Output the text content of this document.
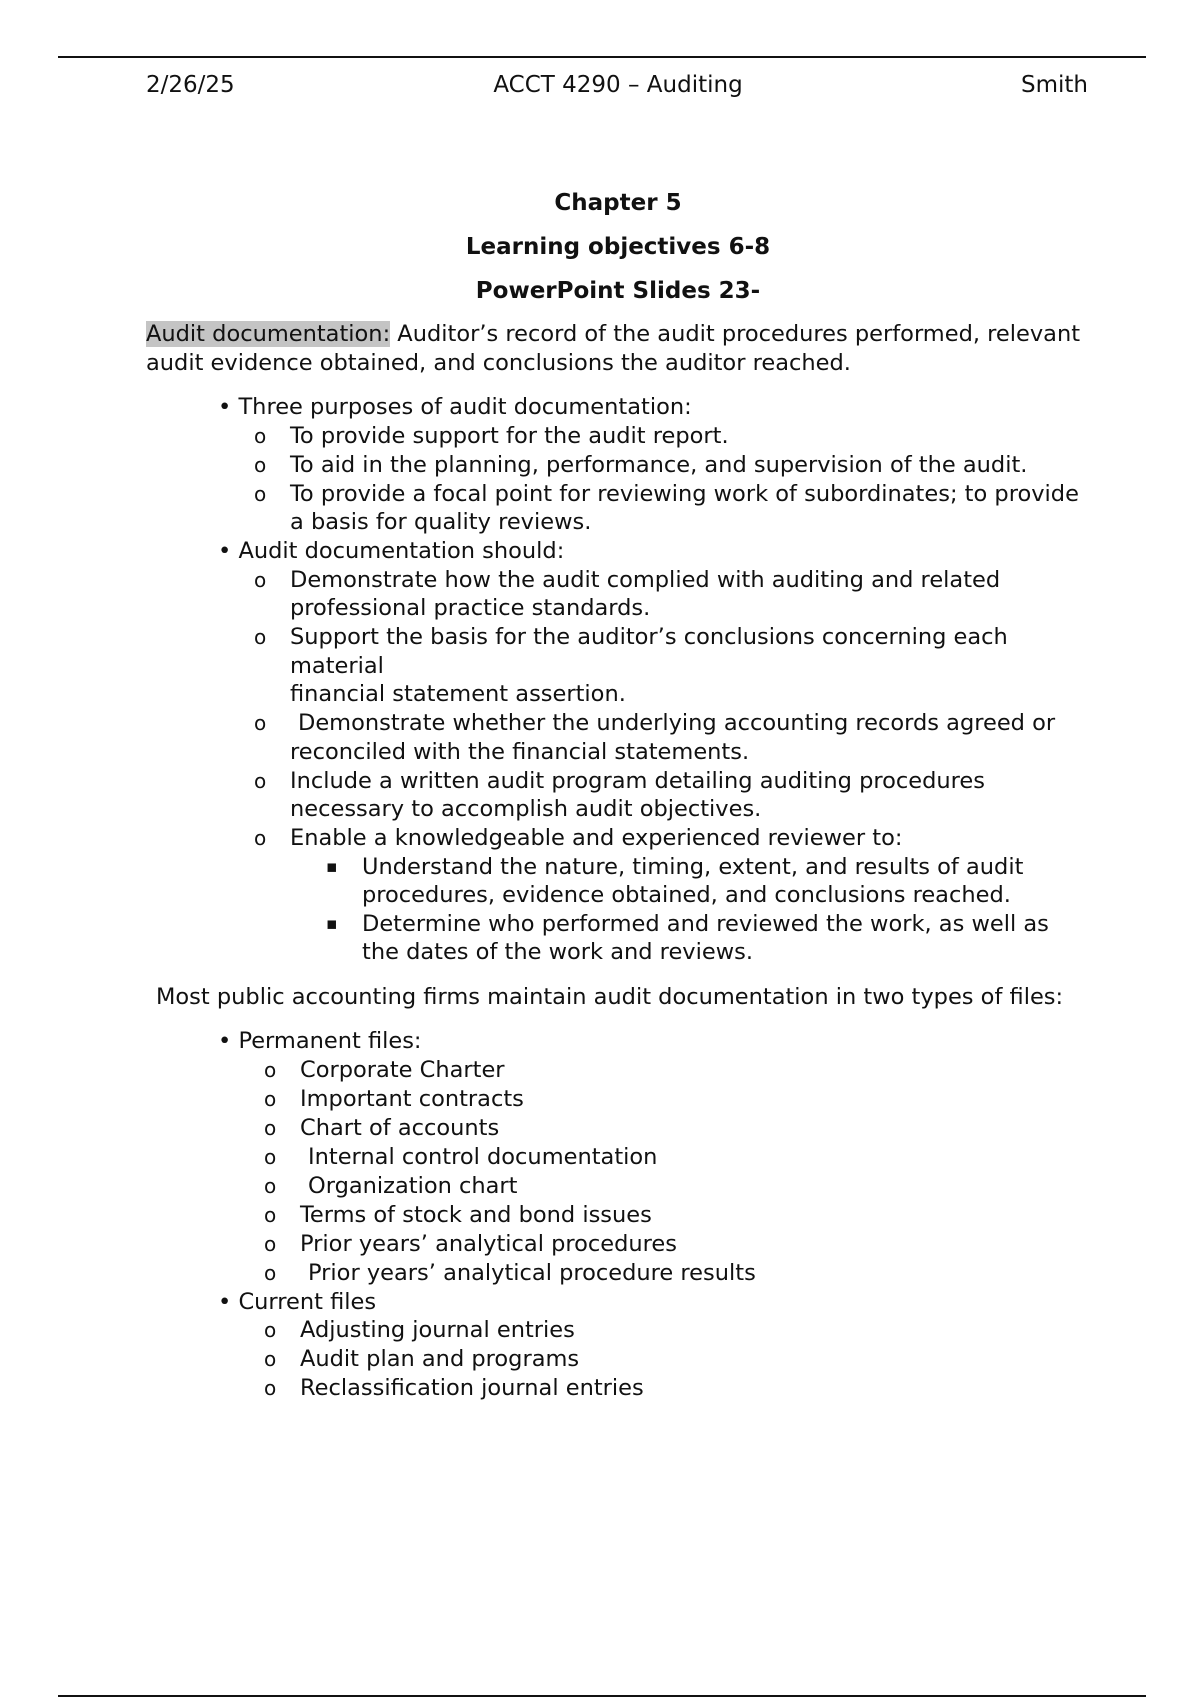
2/26/25	ACCT 4290 – Auditing	Smith
Chapter 5
Learning objectives 6-8
PowerPoint Slides 23-

Audit documentation: Auditor’s record of the audit procedures performed, relevant audit evidence obtained, and conclusions the auditor reached.

• Three purposes of audit documentation:
o To provide support for the audit report.
o To aid in the planning, performance, and supervision of the audit.
o To provide a focal point for reviewing work of subordinates; to provide a basis for quality reviews.
• Audit documentation should:
o Demonstrate how the audit complied with auditing and related professional practice standards.
o Support the basis for the auditor’s conclusions concerning each material
financial statement assertion.
o Demonstrate whether the underlying accounting records agreed or reconciled with the financial statements.
o Include a written audit program detailing auditing procedures necessary to accomplish audit objectives.
o Enable a knowledgeable and experienced reviewer to:
▪ Understand the nature, timing, extent, and results of audit procedures, evidence obtained, and conclusions reached.
▪ Determine who performed and reviewed the work, as well as the dates of the work and reviews.

Most public accounting firms maintain audit documentation in two types of files:

• Permanent files:
o Corporate Charter
o Important contracts
o Chart of accounts
o Internal control documentation
o Organization chart
o Terms of stock and bond issues
o Prior years’ analytical procedures
o Prior years’ analytical procedure results
• Current files
o Adjusting journal entries
o Audit plan and programs
o Reclassification journal entries
